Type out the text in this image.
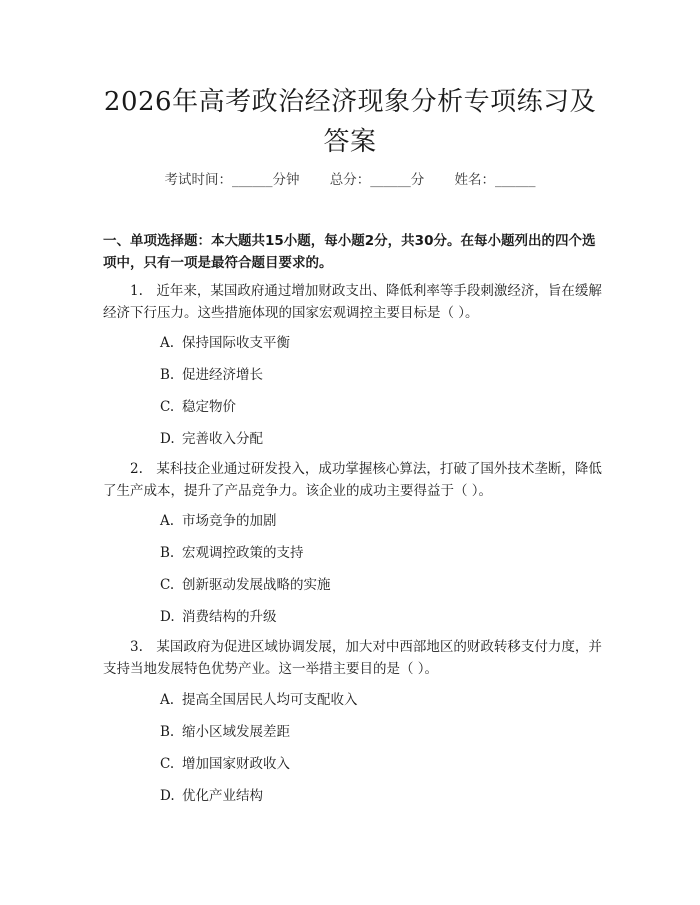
2026年高考政治经济现象分析专项练习及答案
考试时间：______分钟 总分：______分 姓名：______
一、单项选择题：本大题共15小题，每小题2分，共30分。在每小题列出的四个选项中，只有一项是最符合题目要求的。
1.　近年来，某国政府通过增加财政支出、降低利率等手段刺激经济，旨在缓解经济下行压力。这些措施体现的国家宏观调控主要目标是（ ）。
A. 保持国际收支平衡
B. 促进经济增长
C. 稳定物价
D. 完善收入分配
2.　某科技企业通过研发投入，成功掌握核心算法，打破了国外技术垄断，降低了生产成本，提升了产品竞争力。该企业的成功主要得益于（ ）。
A. 市场竞争的加剧
B. 宏观调控政策的支持
C. 创新驱动发展战略的实施
D. 消费结构的升级
3.　某国政府为促进区域协调发展，加大对中西部地区的财政转移支付力度，并支持当地发展特色优势产业。这一举措主要目的是（ ）。
A. 提高全国居民人均可支配收入
B. 缩小区域发展差距
C. 增加国家财政收入
D. 优化产业结构
